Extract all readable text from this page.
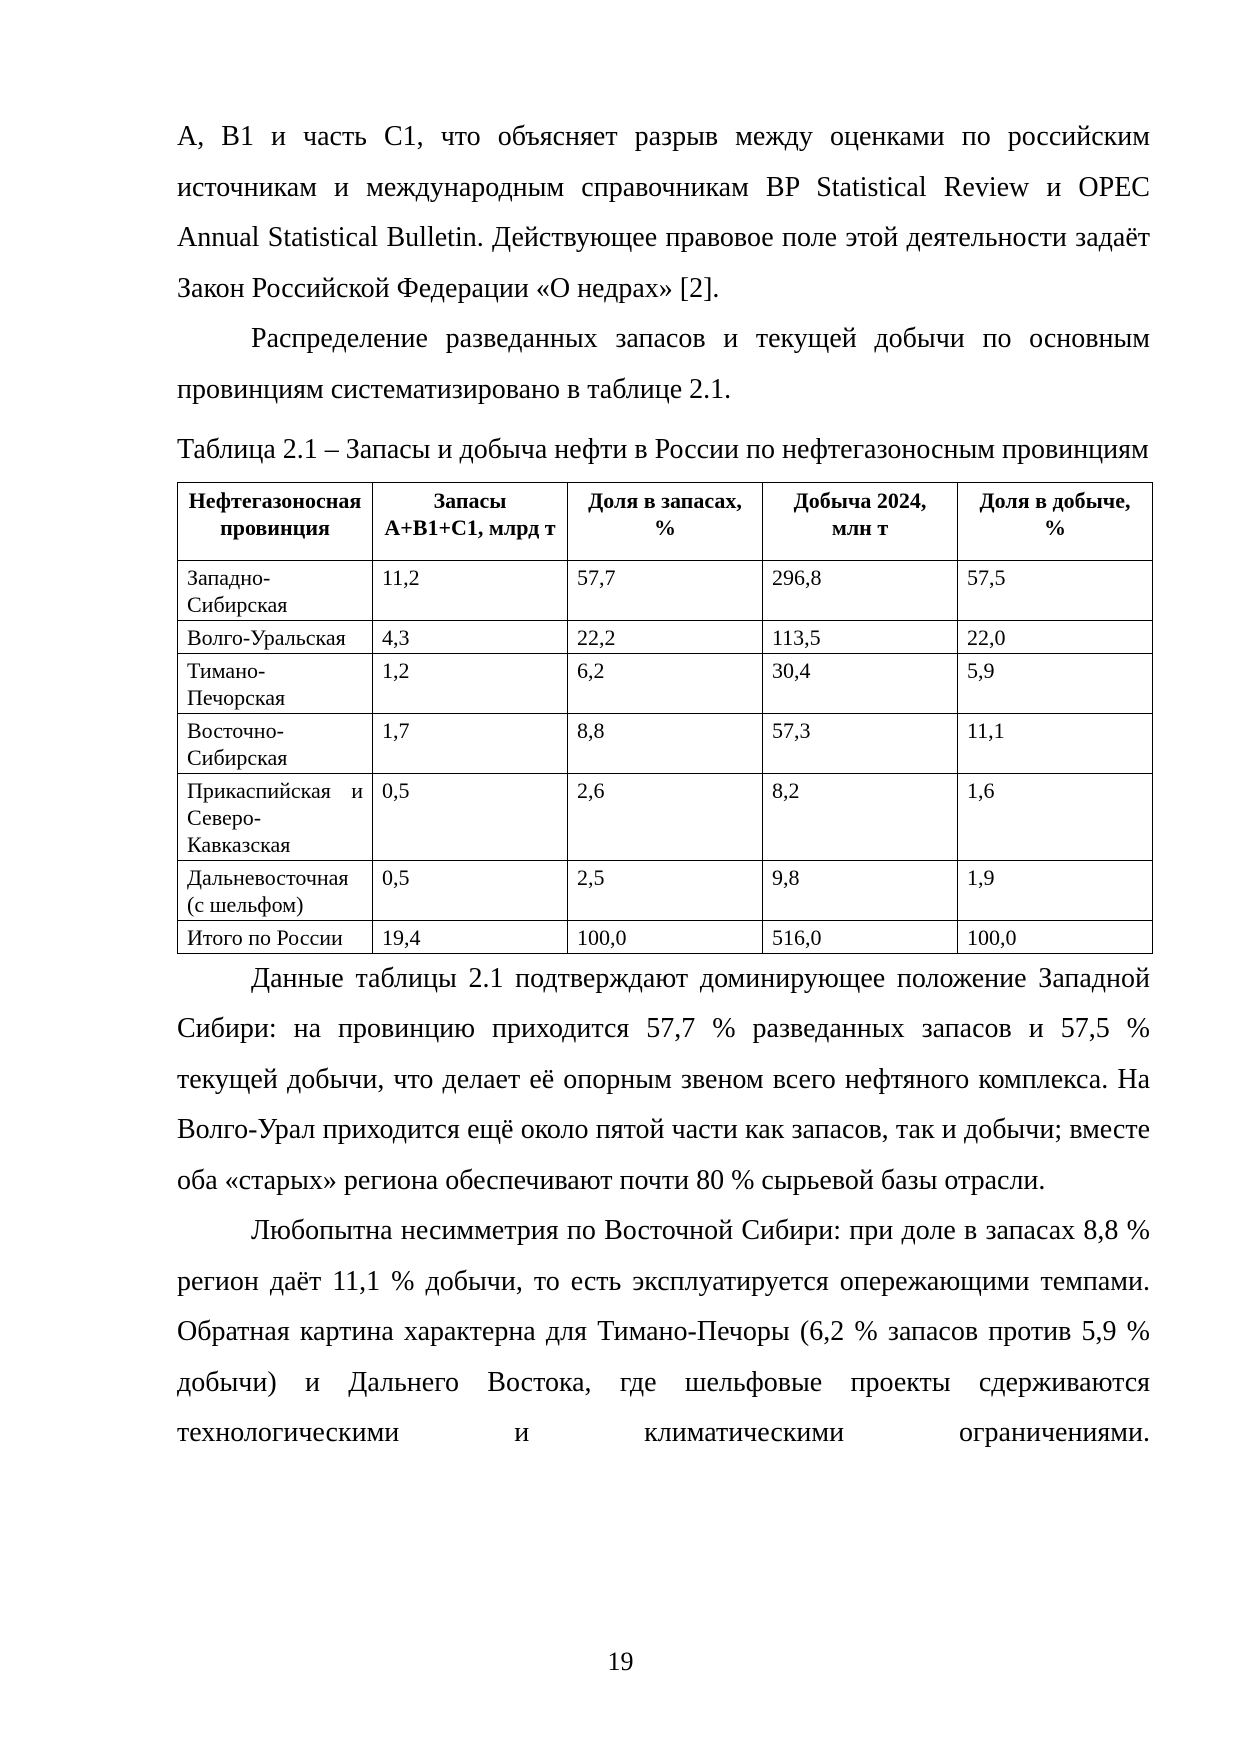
А, B1 и часть C1, что объясняет разрыв между оценками по российским источникам и международным справочникам BP Statistical Review и OPEC Annual Statistical Bulletin. Действующее правовое поле этой деятельности задаёт Закон Российской Федерации «О недрах» [2].

Распределение разведанных запасов и текущей добычи по основным провинциям систематизировано в таблице 2.1.

Таблица 2.1 – Запасы и добыча нефти в России по нефтегазоносным провинциям

Нефтегазоносная провинция	Запасы A+B1+C1, млрд т	Доля в запасах, %	Добыча 2024, млн т	Доля в добыче, %
Западно-Сибирская	11,2	57,7	296,8	57,5
Волго-Уральская	4,3	22,2	113,5	22,0
Тимано-Печорская	1,2	6,2	30,4	5,9
Восточно-Сибирская	1,7	8,8	57,3	11,1
Прикаспийская и Северо-Кавказская	0,5	2,6	8,2	1,6
Дальневосточная (с шельфом)	0,5	2,5	9,8	1,9
Итого по России	19,4	100,0	516,0	100,0

Данные таблицы 2.1 подтверждают доминирующее положение Западной Сибири: на провинцию приходится 57,7 % разведанных запасов и 57,5 % текущей добычи, что делает её опорным звеном всего нефтяного комплекса. На Волго-Урал приходится ещё около пятой части как запасов, так и добычи; вместе оба «старых» региона обеспечивают почти 80 % сырьевой базы отрасли.

Любопытна несимметрия по Восточной Сибири: при доле в запасах 8,8 % регион даёт 11,1 % добычи, то есть эксплуатируется опережающими темпами. Обратная картина характерна для Тимано-Печоры (6,2 % запасов против 5,9 % добычи) и Дальнего Востока, где шельфовые проекты сдерживаются технологическими и климатическими ограничениями.

19
